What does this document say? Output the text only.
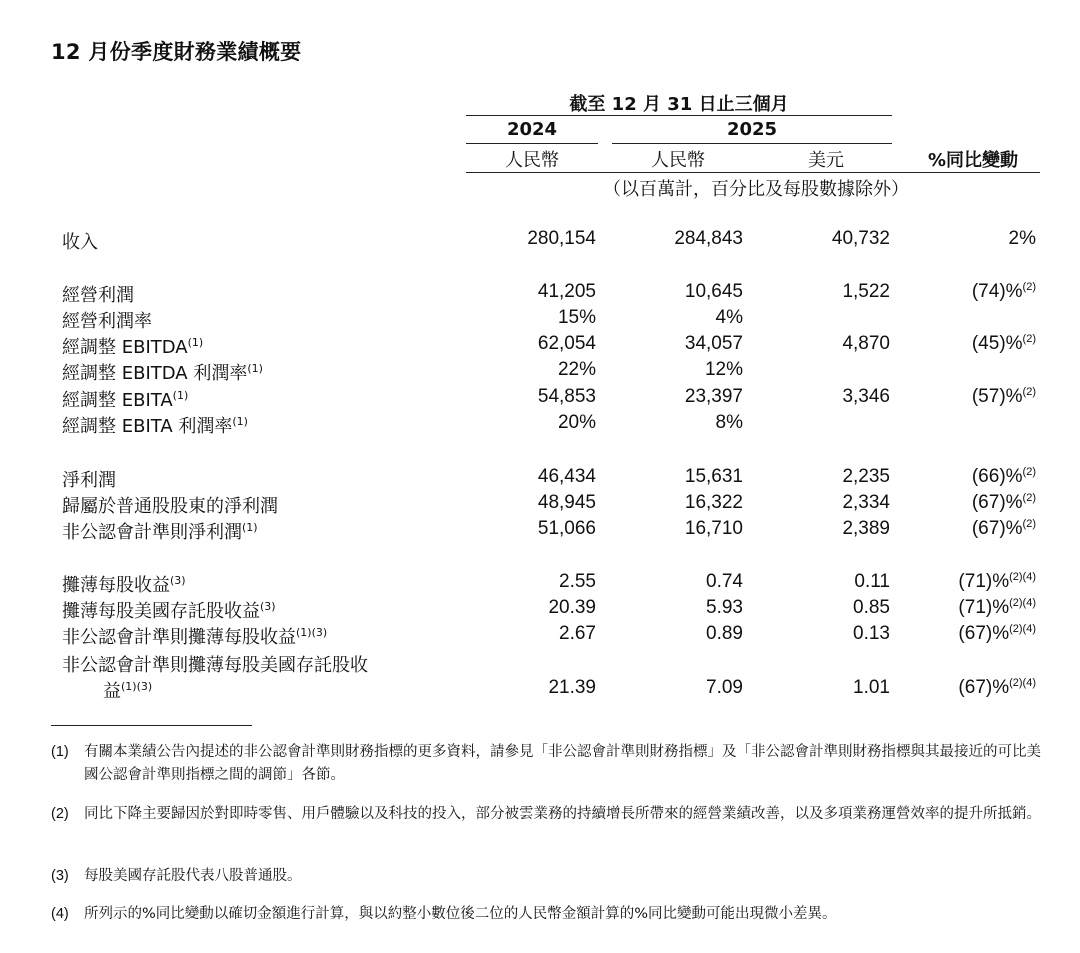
12 月份季度財務業績概要
截至 12 月 31 日止三個月
2024	2025
人民幣	人民幣	美元	%同比變動
（以百萬計，百分比及每股數據除外）
收入	280,154	284,843	40,732	2%
經營利潤	41,205	10,645	1,522	(74)%$^{(2)}$
經營利潤率	15%	4%
經調整 EBITDA$^{(1)}$	62,054	34,057	4,870	(45)%$^{(2)}$
經調整 EBITDA 利潤率$^{(1)}$	22%	12%
經調整 EBITA$^{(1)}$	54,853	23,397	3,346	(57)%$^{(2)}$
經調整 EBITA 利潤率$^{(1)}$	20%	8%
淨利潤	46,434	15,631	2,235	(66)%$^{(2)}$
歸屬於普通股股東的淨利潤	48,945	16,322	2,334	(67)%$^{(2)}$
非公認會計準則淨利潤$^{(1)}$	51,066	16,710	2,389	(67)%$^{(2)}$
攤薄每股收益$^{(3)}$	2.55	0.74	0.11	(71)%$^{(2)(4)}$
攤薄每股美國存託股收益$^{(3)}$	20.39	5.93	0.85	(71)%$^{(2)(4)}$
非公認會計準則攤薄每股收益$^{(1)(3)}$	2.67	0.89	0.13	(67)%$^{(2)(4)}$
非公認會計準則攤薄每股美國存託股收
益$^{(1)(3)}$	21.39	7.09	1.01	(67)%$^{(2)(4)}$
(1) 有關本業績公告內提述的非公認會計準則財務指標的更多資料，請參見「非公認會計準則財務指標」及「非公認會計準則財務指標與其最接近的可比美國公認會計準則指標之間的調節」各節。
(2) 同比下降主要歸因於對即時零售、用戶體驗以及科技的投入，部分被雲業務的持續增長所帶來的經營業績改善，以及多項業務運營效率的提升所抵銷。
(3) 每股美國存託股代表八股普通股。
(4) 所列示的%同比變動以確切金額進行計算，與以約整小數位後二位的人民幣金額計算的%同比變動可能出現微小差異。
